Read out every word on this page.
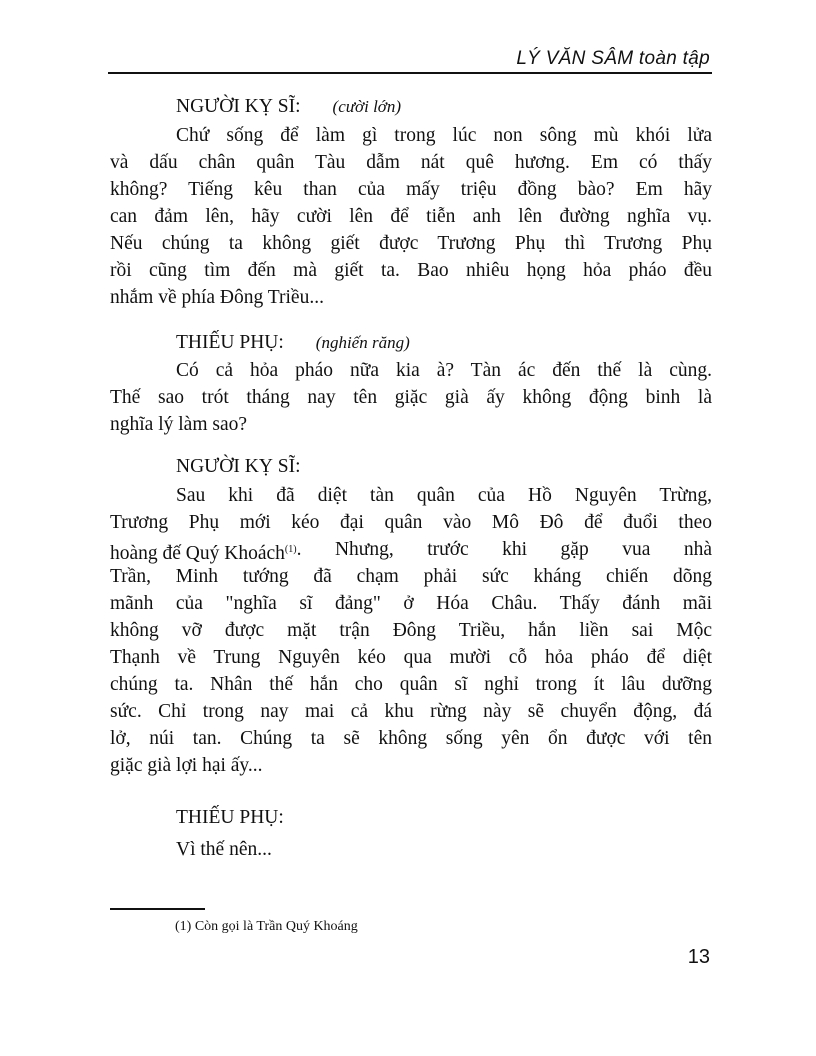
LÝ VĂN SÂM toàn tập
NGƯỜI KỴ SĨ: (cười lớn)
Chứ sống để làm gì trong lúc non sông mù khói lửa
và dấu chân quân Tàu dẫm nát quê hương. Em có thấy
không? Tiếng kêu than của mấy triệu đồng bào? Em hãy
can đảm lên, hãy cười lên để tiễn anh lên đường nghĩa vụ.
Nếu chúng ta không giết được Trương Phụ thì Trương Phụ
rồi cũng tìm đến mà giết ta. Bao nhiêu họng hỏa pháo đều
nhắm về phía Đông Triều...
THIẾU PHỤ: (nghiến răng)
Có cả hỏa pháo nữa kia à? Tàn ác đến thế là cùng.
Thế sao trót tháng nay tên giặc già ấy không động binh là
nghĩa lý làm sao?
NGƯỜI KỴ SĨ:
Sau khi đã diệt tàn quân của Hồ Nguyên Trừng,
Trương Phụ mới kéo đại quân vào Mô Đô để đuổi theo
hoàng đế Quý Khoách$^{(1)}$ . Nhưng, trước khi gặp vua nhà
Trần, Minh tướng đã chạm phải sức kháng chiến dõng
mãnh của "nghĩa sĩ đảng" ở Hóa Châu. Thấy đánh mãi
không vỡ được mặt trận Đông Triều, hắn liền sai Mộc
Thạnh về Trung Nguyên kéo qua mười cỗ hỏa pháo để diệt
chúng ta. Nhân thế hắn cho quân sĩ nghỉ trong ít lâu dưỡng
sức. Chỉ trong nay mai cả khu rừng này sẽ chuyển động, đá
lở, núi tan. Chúng ta sẽ không sống yên ổn được với tên
giặc già lợi hại ấy...
THIẾU PHỤ:
Vì thế nên...
(1) Còn gọi là Trần Quý Khoáng
13
